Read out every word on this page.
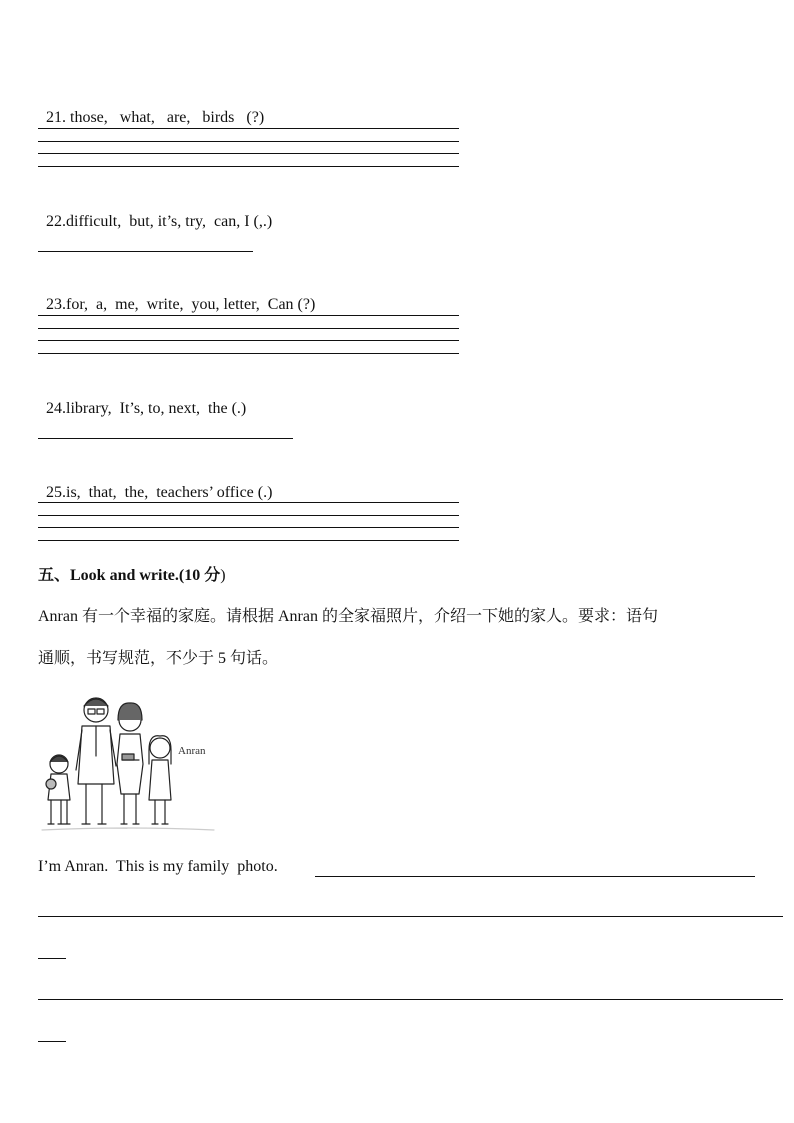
21. those,   what,   are,   birds   (?)

22.difficult,  but, it’s, try,  can, I (,.)

23.for,  a,  me,  write,  you, letter,  Can (?)

24.library,  It’s, to, next,  the (.)

25.is,  that,  the,  teachers’ office (.)

五、Look and write.(10 分)
Anran 有一个幸福的家庭。请根据 Anran 的全家福照片，介绍一下她的家人。要求：语句
通顺，书写规范，不少于 5 句话。
Anran
I’m Anran.  This is my family  photo.
